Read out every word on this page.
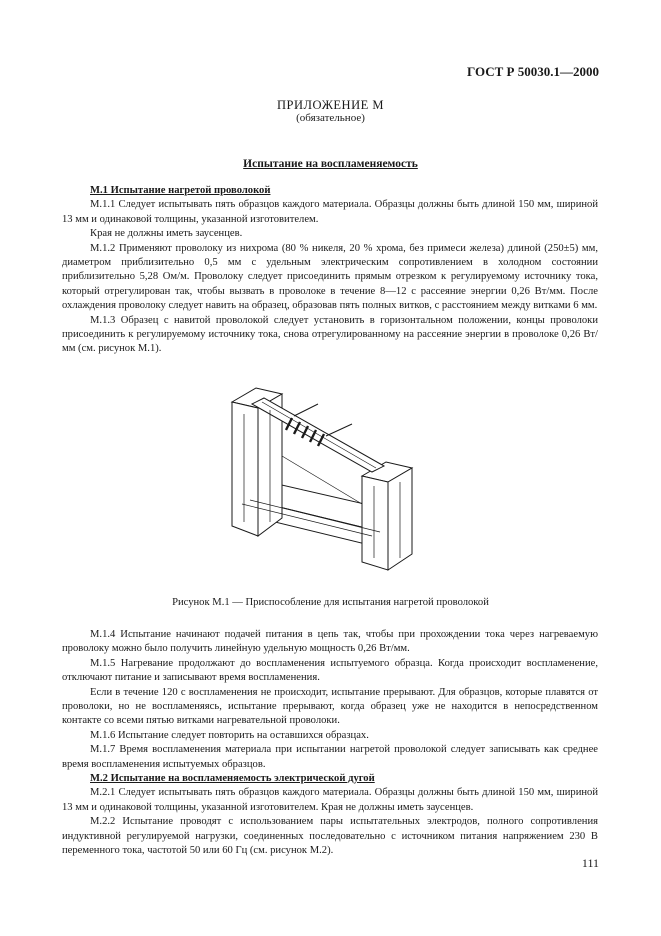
ГОСТ Р 50030.1—2000
ПРИЛОЖЕНИЕ М
(обязательное)
Испытание на воспламеняемость

М.1 Испытание нагретой проволокой

М.1.1 Следует испытывать пять образцов каждого материала. Образцы должны быть длиной 150 мм, шириной 13 мм и одинаковой толщины, указанной изготовителем.

Края не должны иметь заусенцев.

М.1.2 Применяют проволоку из нихрома (80 % никеля, 20 % хрома, без примеси железа) длиной (250±5) мм, диаметром приблизительно 0,5 мм с удельным электрическим сопротивлением в холодном состоянии приблизительно 5,28 Ом/м. Проволоку следует присоединить прямым отрезком к регулируемому источнику тока, который отрегулирован так, чтобы вызвать в проволоке в течение 8—12 с рассеяние энергии 0,26 Вт/мм. После охлаждения проволоку следует навить на образец, образовав пять полных витков, с расстоянием между витками 6 мм.

М.1.3 Образец с навитой проволокой следует установить в горизонтальном положении, концы проволоки присоединить к регулируемому источнику тока, снова отрегулированному на рассеяние энергии в проволоке 0,26 Вт/мм (см. рисунок М.1).

Рисунок М.1 — Приспособление для испытания нагретой проволокой

М.1.4 Испытание начинают подачей питания в цепь так, чтобы при прохождении тока через нагреваемую проволоку можно было получить линейную удельную мощность 0,26 Вт/мм.

М.1.5 Нагревание продолжают до воспламенения испытуемого образца. Когда происходит воспламенение, отключают питание и записывают время воспламенения.

Если в течение 120 с воспламенения не происходит, испытание прерывают. Для образцов, которые плавятся от проволоки, но не воспламеняясь, испытание прерывают, когда образец уже не находится в непосредственном контакте со всеми пятью витками нагревательной проволоки.

М.1.6 Испытание следует повторить на оставшихся образцах.

М.1.7 Время воспламенения материала при испытании нагретой проволокой следует записывать как среднее время воспламенения испытуемых образцов.

М.2 Испытание на воспламеняемость электрической дугой

М.2.1 Следует испытывать пять образцов каждого материала. Образцы должны быть длиной 150 мм, шириной 13 мм и одинаковой толщины, указанной изготовителем. Края не должны иметь заусенцев.

М.2.2 Испытание проводят с использованием пары испытательных электродов, полного сопротивления индуктивной регулируемой нагрузки, соединенных последовательно с источником питания напряжением 230 В переменного тока, частотой 50 или 60 Гц (см. рисунок М.2).

111
